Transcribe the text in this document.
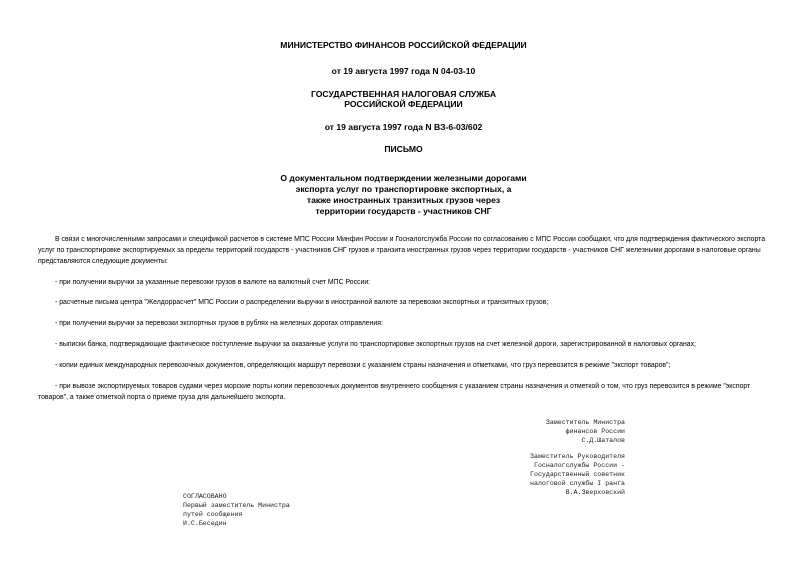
МИНИСТЕРСТВО ФИНАНСОВ РОССИЙСКОЙ ФЕДЕРАЦИИ
от 19 августа 1997 года N 04-03-10
ГОСУДАРСТВЕННАЯ НАЛОГОВАЯ СЛУЖБА
РОССИЙСКОЙ ФЕДЕРАЦИИ
от 19 августа 1997 года N ВЗ-6-03/602
ПИСЬМО
О документальном подтверждении железными дорогами
экспорта услуг по транспортировке экспортных, а
также иностранных транзитных грузов через
территории государств - участников СНГ
В связи с многочисленными запросами и спецификой расчетов в системе МПС России Минфин России и Госналогслужба России по согласованию с МПС России сообщают, что для подтверждения фактического экспорта услуг по транспортировке экспортируемых за пределы территорий государств - участников СНГ грузов и транзита иностранных грузов через территории государств - участников СНГ железными дорогами в налоговые органы представляются следующие документы:
- при получении выручки за указанные перевозки грузов в валюте на валютный счет МПС России:
- расчетные письма центра "Желдоррасчет" МПС России о распределении выручки в иностранной валюте за перевозки экспортных и транзитных грузов;
- при получении выручки за перевозки экспортных грузов в рублях на железных дорогах отправления:
- выписки банка, подтверждающие фактическое поступление выручки за оказанные услуги по транспортировке экспортных грузов на счет железной дороги, зарегистрированной в налоговых органах;
- копии единых международных перевозочных документов, определяющих маршрут перевозки с указанием страны назначения и отметками, что груз перевозится в режиме "экспорт товаров";
- при вывозе экспортируемых товаров судами через морские порты копии перевозочных документов внутреннего сообщения с указанием страны назначения и отметкой о том, что груз перевозится в режиме "экспорт товаров", а также отметкой порта о приеме груза для дальнейшего экспорта.
Заместитель Министра
финансов России
С.Д.Шаталов
Заместитель Руководителя
Госналогслужбы России -
Государственный советник
налоговой службы I ранга
В.А.Зверховский
СОГЛАСОВАНО
Первый заместитель Министра
путей сообщения
И.С.Беседин
